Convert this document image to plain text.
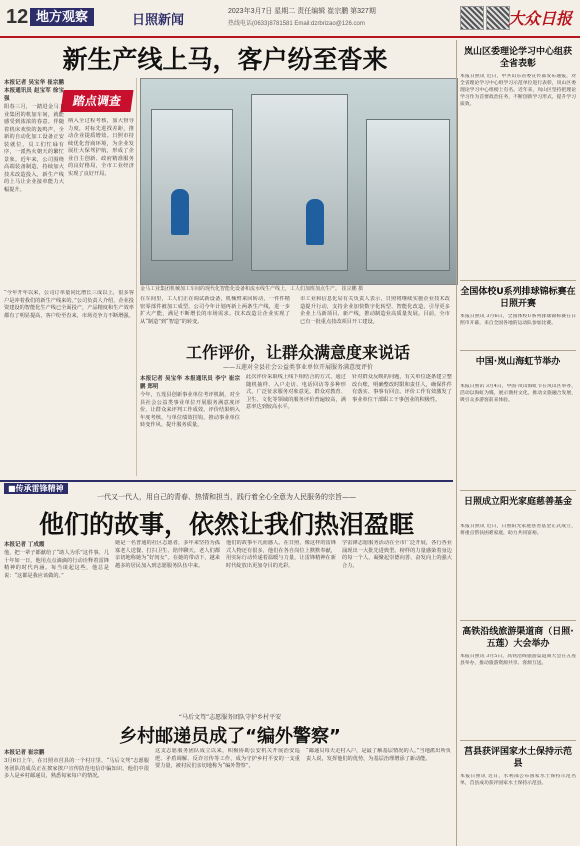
12 地方观察	日照新闻
2023年3月7日 星期二 责任编辑 崔宗鹏 第327期
热线电话(0633)8781581 Email:dzrbrizao@126.com	大众日报
新生产线上马，客户纷至沓来
踏点调查
本报记者 吴宝华 崔宗鹏 本报通讯员 赵宝军 徐宝强
阳春三月，一踏进金马工业集团的机加车间，就能感受到浓浓的春意。伴随着机床欢快的轰鸣声，全新的自动化加工设备正安装就位，员工们忙碌有序，一派热火朝天的繁忙景象。近年来，公司围绕高端装备制造，持续加大技术改造投入，新生产线的上马让企业接单能力大幅提升。
“今年开年以来，公司订单量同比增长三成以上，很多客户是冲着我们的新生产线来的。”公司负责人介绍，企业投资建设的智能化生产线已全面投产，产品精度和生产效率都有了明显提高，客户纷至沓来，市场竞争力不断增强。
纳入全过程考核，加大督导力度，对标先进找差距，推动企业提质增效。日照市持续优化营商环境，为企业发展壮大保驾护航，形成了企业自主创新、政府精准服务的良好格局，全市工业经济实现了良好开局。
金马工业集团机械加工车间的现代化智能化设备和流水线生产线上，工人们加班加点生产。 崔宗鹏 摄
在车间里，工人们正在调试新设备，机械臂来回转动，一件件精密零部件被加工成型。公司今年计划再新上两条生产线，进一步扩大产能，满足不断增长的市场需求。技术改造让企业实现了从“制造”到“智造”的转变。
市工业和信息化局有关负责人表示，日照将继续实施企业技术改造提升行动，支持企业加快数字化转型、智能化改造，引导更多企业上马新项目、新产线，推动制造业高质量发展。目前，全市已有一批重点技改项目开工建设。
工作评价，让群众满意度来说话
——五莲对全县社会公益类事业单位开展服务满意度评价
本报记者 吴宝华 本报通讯员 李宁 崔宗鹏 郑明
今年，五莲县创新事业单位考评机制，对全县社会公益类事业单位开展服务满意度评价，让群众来评判工作成效。评价结果纳入年度考核，与单位绩效挂钩，推动事业单位转变作风、提升服务质量。
此次评价采取线上线下相结合的方式，通过随机抽样、入户走访、电话回访等多种形式，广泛征求服务对象意见。群众对教育、卫生、文化等领域的服务评价普遍较高，满意率达到较高水平。
针对群众反映的问题，有关单位逐条建立整改台账，明确整改时限和责任人，确保件件有落实、事事有回音。评价工作有效激发了事业单位干部职工干事创业的积极性。
■传承雷锋精神
一代又一代人，用自己的青春、热情和担当，践行着全心全意为人民服务的宗旨——
他们的故事，依然让我们热泪盈眶
本报记者 丁成霞
他，把一辈子都献给了“助人为乐”这件事。几十年如一日，他用点点滴滴的行动诠释着雷锋精神的时代内涵。每当谈起这些，他总是说：“这都是我应该做的。”
她是一名普通的社区志愿者，多年来坚持为孤寡老人送餐、打扫卫生、陪伴聊天。老人们都亲切地称她为“好闺女”。在她的带动下，越来越多的居民加入到志愿服务队伍中来。
他们的故事平凡而感人。在日照，像这样的雷锋式人物还有很多，他们在各自岗位上默默奉献，用实际行动传递着温暖与力量，让雷锋精神在新时代绽放出更加夺目的光彩。
学雷锋志愿服务活动在全市广泛开展，各行各业涌现出一大批先进典型。榜样的力量感染着身边的每一个人，凝聚起崇德向善、奋发向上的强大合力。
“马后文驾”志愿服务团队守护乡村平安
乡村邮递员成了“编外警察”
本报记者 崔宗鹏
3月6日上午，在日照市莒县的一个村庄里，“马后文驾”志愿服务团队的成员正在挨家挨户宣传防范电信诈骗知识。他们中很多人是乡村邮递员，熟悉每家每户的情况。
这支志愿服务团队成立以来，积极协助公安机关开展治安巡逻、矛盾调解、反诈宣传等工作，成为守护乡村平安的一支重要力量，被村民们亲切地称为“编外警察”。
“邮递员每天走村入户，是最了解基层情况的人。”当地派出所负责人说，发挥他们的优势，为基层治理增添了新动能。
岚山区委理论学习中心组获全省表彰
本报日照讯 近日，中共山东省委宣传部发布通报，对全省理论学习中心组学习示范单位进行表彰，岚山区委理论学习中心组榜上有名。近年来，岚山区坚持把理论学习作为首要政治任务，不断创新学习形式，提升学习质效。
全国体校U系列排球锦标赛在日照开赛
本报日照讯 3月6日，全国体校U系列排球锦标赛在日照市开幕，来自全国各地的运动队参加比赛。
中国·岚山海虹节举办
本报日照讯 3月4日，中国·岚山海虹节在岚山区举办，活动以海虹为媒，展示渔村文化，推动文旅融合发展，吸引众多游客前来体验。
日照成立阳光家庭慈善基金
本报日照讯 近日，日照阳光家庭慈善基金正式成立，将重点帮扶困难家庭，助力共同富裕。
高铁沿线旅游渠道商（日照·五莲）大会举办
本报日照讯 3月5日，高铁沿线旅游渠道商大会在五莲县举办，推动旅游资源共享、客源互送。
莒县获评国家水土保持示范县
本报日照讯 近日，水利部公布国家水土保持示范名单，莒县成功获评国家水土保持示范县。
